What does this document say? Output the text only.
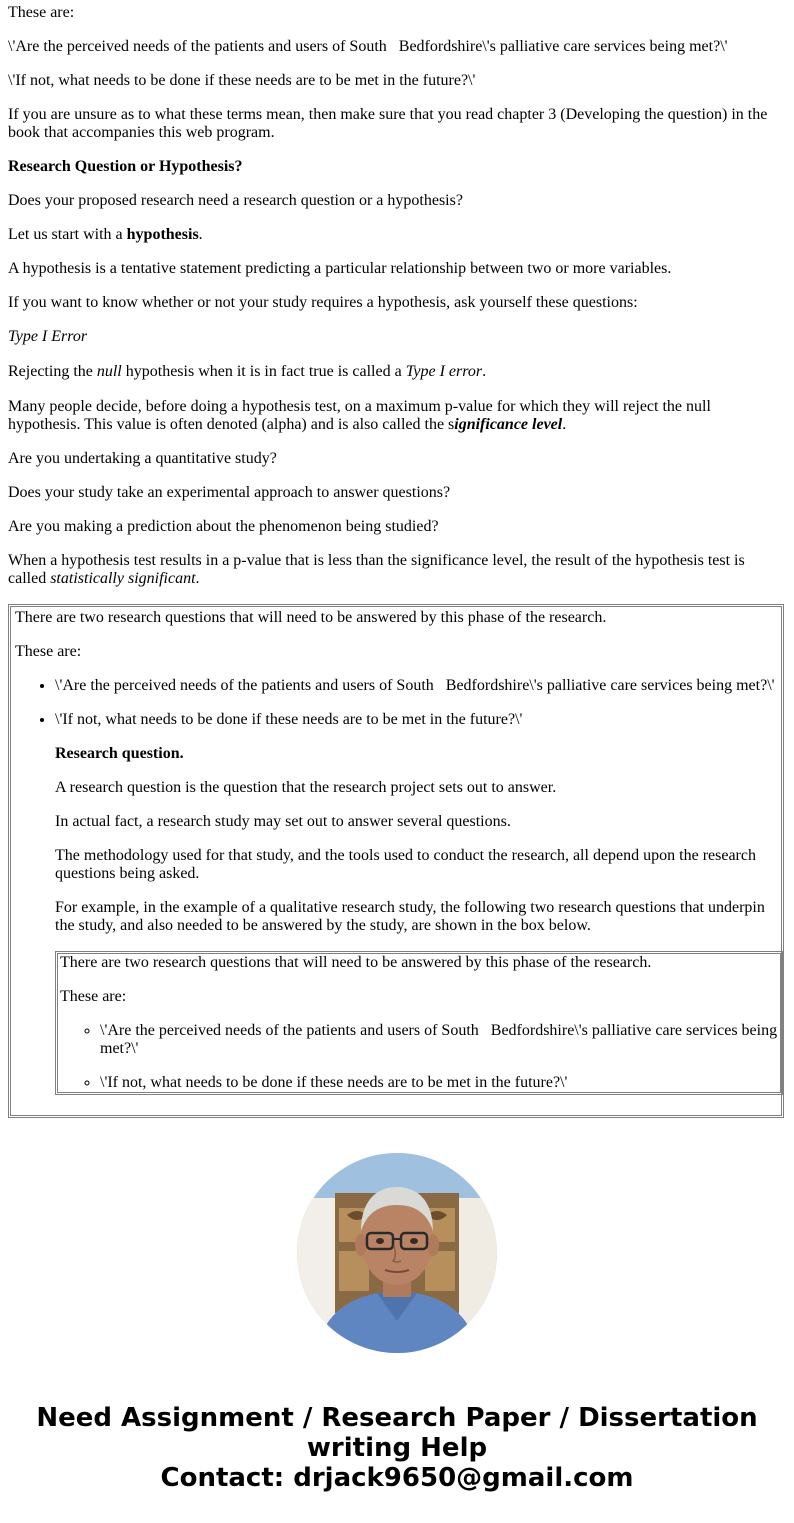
These are:

\'Are the perceived needs of the patients and users of South   Bedfordshire\'s palliative care services being met?\'

\'If not, what needs to be done if these needs are to be met in the future?\'

If you are unsure as to what these terms mean, then make sure that you read chapter 3 (Developing the question) in the book that accompanies this web program.

Research Question or Hypothesis?

Does your proposed research need a research question or a hypothesis?

Let us start with a hypothesis.

A hypothesis is a tentative statement predicting a particular relationship between two or more variables.

If you want to know whether or not your study requires a hypothesis, ask yourself these questions:

Type I Error

Rejecting the null hypothesis when it is in fact true is called a Type I error.

Many people decide, before doing a hypothesis test, on a maximum p-value for which they will reject the null hypothesis. This value is often denoted (alpha) and is also called the significance level.

Are you undertaking a quantitative study?

Does your study take an experimental approach to answer questions?

Are you making a prediction about the phenomenon being studied?

When a hypothesis test results in a p-value that is less than the significance level, the result of the hypothesis test is called statistically significant.

There are two research questions that will need to be answered by this phase of the research.

These are:

• \'Are the perceived needs of the patients and users of South   Bedfordshire\'s palliative care services being met?\'

• \'If not, what needs to be done if these needs are to be met in the future?\'

Research question.

A research question is the question that the research project sets out to answer.

In actual fact, a research study may set out to answer several questions.

The methodology used for that study, and the tools used to conduct the research, all depend upon the research questions being asked.

For example, in the example of a qualitative research study, the following two research questions that underpin the study, and also needed to be answered by the study, are shown in the box below.

There are two research questions that will need to be answered by this phase of the research.

These are:

◦ \'Are the perceived needs of the patients and users of South   Bedfordshire\'s palliative care services being met?\'

◦ \'If not, what needs to be done if these needs are to be met in the future?\'

Need Assignment / Research Paper / Dissertation
writing Help
Contact: drjack9650@gmail.com
